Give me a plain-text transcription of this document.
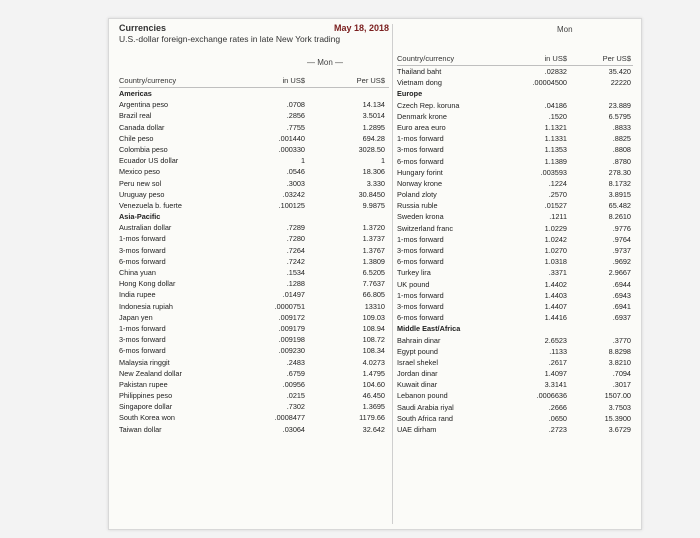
Currencies	May 18, 2018
U.S.-dollar foreign-exchange rates in late New York trading
— Mon —
Country/currency	in US$	Per US$
Americas
Argentina peso	.0708	14.134
Brazil real	.2856	3.5014
Canada dollar	.7755	1.2895
Chile peso	.001440	694.28
Colombia peso	.000330	3028.50
Ecuador US dollar	1	1
Mexico peso	.0546	18.306
Peru new sol	.3003	3.330
Uruguay peso	.03242	30.8450
Venezuela b. fuerte	.100125	9.9875
Asia-Pacific
Australian dollar	.7289	1.3720
1-mos forward	.7280	1.3737
3-mos forward	.7264	1.3767
6-mos forward	.7242	1.3809
China yuan	.1534	6.5205
Hong Kong dollar	.1288	7.7637
India rupee	.01497	66.805
Indonesia rupiah	.0000751	13310
Japan yen	.009172	109.03
1-mos forward	.009179	108.94
3-mos forward	.009198	108.72
6-mos forward	.009230	108.34
Malaysia ringgit	.2483	4.0273
New Zealand dollar	.6759	1.4795
Pakistan rupee	.00956	104.60
Philippines peso	.0215	46.450
Singapore dollar	.7302	1.3695
South Korea won	.0008477	1179.66
Taiwan dollar	.03064	32.642
Mon
Country/currency	in US$	Per US$
Thailand baht	.02832	35.420
Vietnam dong	.00004500	22220
Europe
Czech Rep. koruna	.04186	23.889
Denmark krone	.1520	6.5795
Euro area euro	1.1321	.8833
1-mos forward	1.1331	.8825
3-mos forward	1.1353	.8808
6-mos forward	1.1389	.8780
Hungary forint	.003593	278.30
Norway krone	.1224	8.1732
Poland zloty	.2570	3.8915
Russia ruble	.01527	65.482
Sweden krona	.1211	8.2610
Switzerland franc	1.0229	.9776
1-mos forward	1.0242	.9764
3-mos forward	1.0270	.9737
6-mos forward	1.0318	.9692
Turkey lira	.3371	2.9667
UK pound	1.4402	.6944
1-mos forward	1.4403	.6943
3-mos forward	1.4407	.6941
6-mos forward	1.4416	.6937
Middle East/Africa
Bahrain dinar	2.6523	.3770
Egypt pound	.1133	8.8298
Israel shekel	.2617	3.8210
Jordan dinar	1.4097	.7094
Kuwait dinar	3.3141	.3017
Lebanon pound	.0006636	1507.00
Saudi Arabia riyal	.2666	3.7503
South Africa rand	.0650	15.3900
UAE dirham	.2723	3.6729
